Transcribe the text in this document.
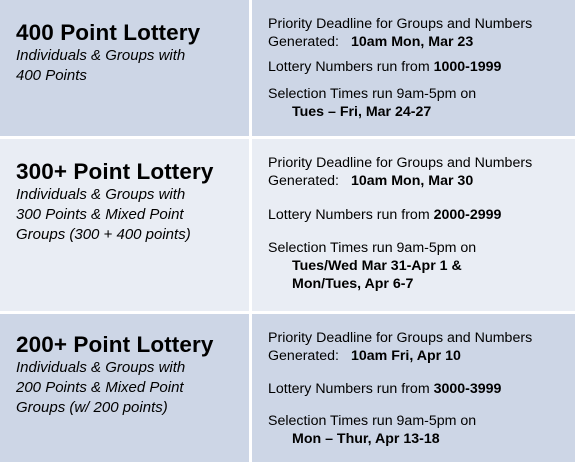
400 Point Lottery
Individuals & Groups with
400 Points
Priority Deadline for Groups and Numbers
Generated: 10am Mon, Mar 23
Lottery Numbers run from 1000-1999
Selection Times run 9am-5pm on
Tues – Fri, Mar 24-27
300+ Point Lottery
Individuals & Groups with
300 Points & Mixed Point
Groups (300 + 400 points)
Priority Deadline for Groups and Numbers
Generated: 10am Mon, Mar 30
Lottery Numbers run from 2000-2999
Selection Times run 9am-5pm on
Tues/Wed Mar 31-Apr 1 &
Mon/Tues, Apr 6-7
200+ Point Lottery
Individuals & Groups with
200 Points & Mixed Point
Groups (w/ 200 points)
Priority Deadline for Groups and Numbers
Generated: 10am Fri, Apr 10
Lottery Numbers run from 3000-3999
Selection Times run 9am-5pm on
Mon – Thur, Apr 13-18
